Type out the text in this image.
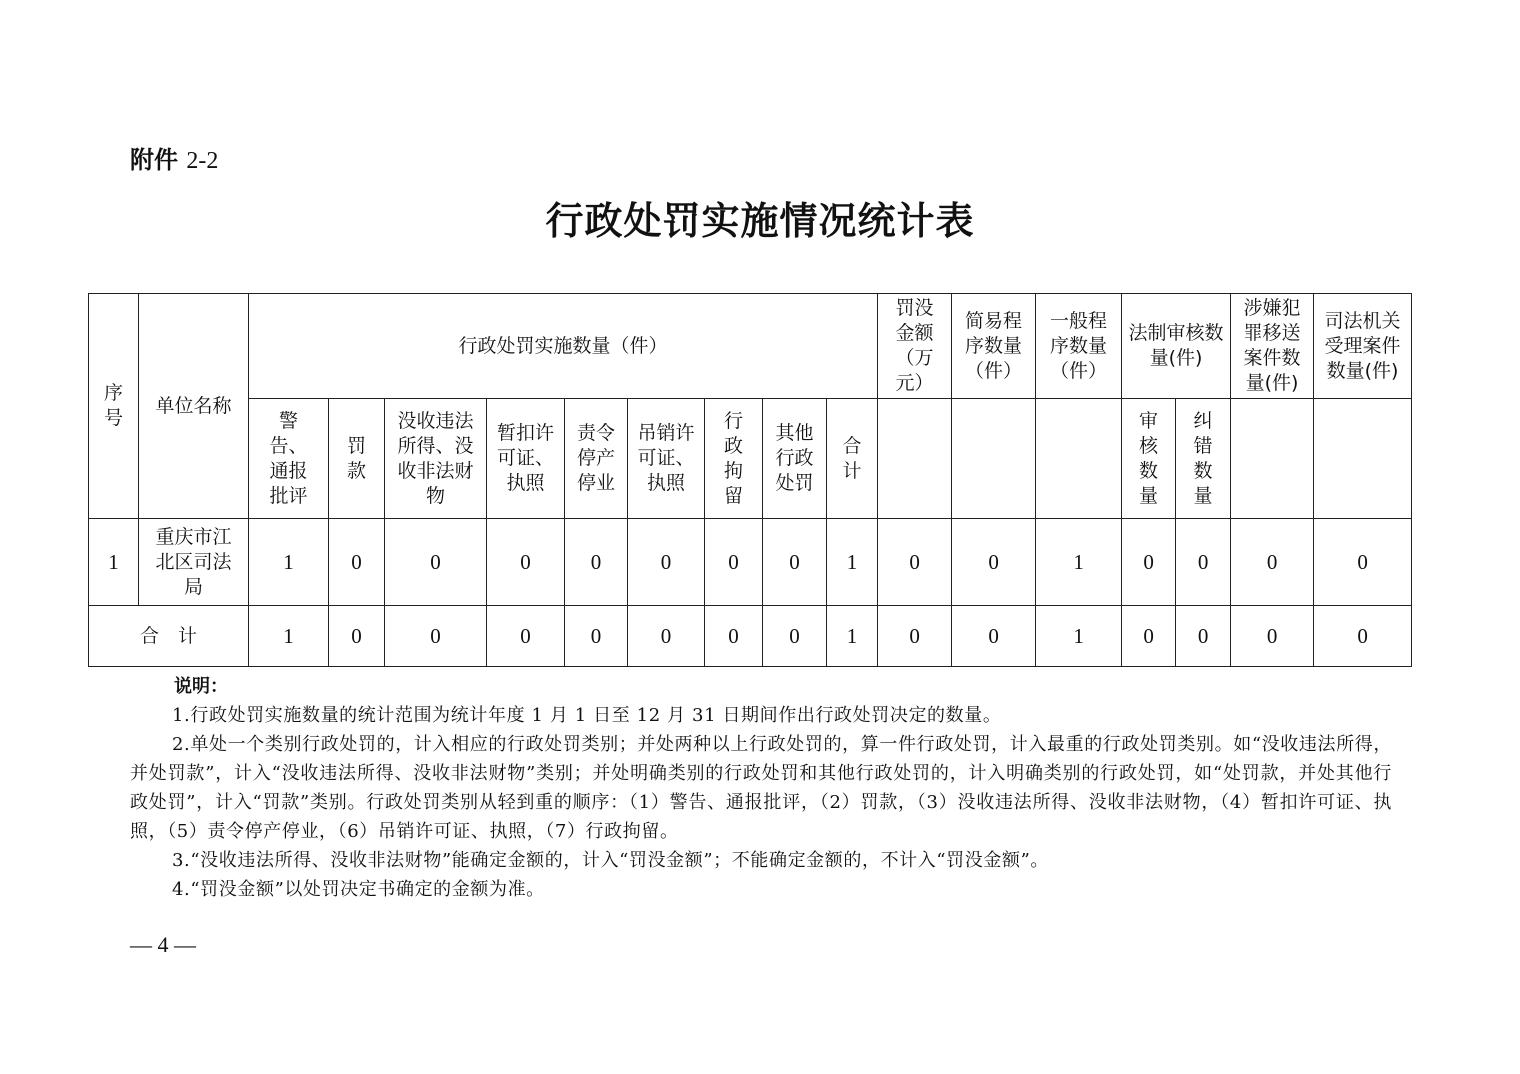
附件 2-2
行政处罚实施情况统计表
序号	单位名称	行政处罚实施数量（件）									罚没金额（万元）	简易程序数量（件）	一般程序数量（件）	法制审核数量(件)		涉嫌犯罪移送案件数量(件)	司法机关受理案件数量(件)
		警告、通报批评	罚款	没收违法所得、没收非法财物	暂扣许可证、执照	责令停产停业	吊销许可证、执照	行政拘留	其他行政处罚	合计				审核数量	纠错数量		
1	重庆市江北区司法局	1	0	0	0	0	0	0	0	1	0	0	1	0	0	0	0
合　计		1	0	0	0	0	0	0	0	1	0	0	1	0	0	0	0
说明：
1.行政处罚实施数量的统计范围为统计年度 1 月 1 日至 12 月 31 日期间作出行政处罚决定的数量。
2.单处一个类别行政处罚的，计入相应的行政处罚类别；并处两种以上行政处罚的，算一件行政处罚，计入最重的行政处罚类别。如“没收违法所得，并处罚款”，计入“没收违法所得、没收非法财物”类别；并处明确类别的行政处罚和其他行政处罚的，计入明确类别的行政处罚，如“处罚款，并处其他行政处罚”，计入“罚款”类别。行政处罚类别从轻到重的顺序：（1）警告、通报批评，（2）罚款，（3）没收违法所得、没收非法财物，（4）暂扣许可证、执照，（5）责令停产停业，（6）吊销许可证、执照，（7）行政拘留。
3.“没收违法所得、没收非法财物”能确定金额的，计入“罚没金额”；不能确定金额的，不计入“罚没金额”。
4.“罚没金额”以处罚决定书确定的金额为准。
— 4 —
